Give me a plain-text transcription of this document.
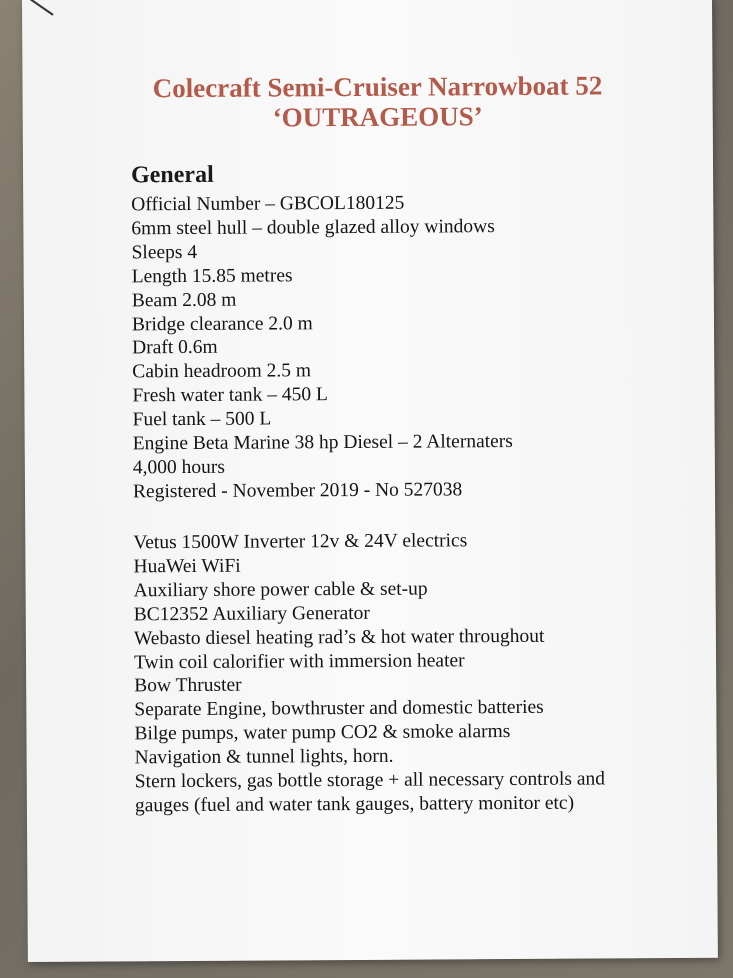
Colecraft Semi-Cruiser Narrowboat 52
‘OUTRAGEOUS’
General
Official Number – GBCOL180125
6mm steel hull – double glazed alloy windows
Sleeps 4
Length 15.85 metres
Beam 2.08 m
Bridge clearance 2.0 m
Draft 0.6m
Cabin headroom 2.5 m
Fresh water tank – 450 L
Fuel tank – 500 L
Engine Beta Marine 38 hp Diesel – 2 Alternaters
4,000 hours
Registered - November 2019 - No 527038
Vetus 1500W Inverter 12v & 24V electrics
HuaWei WiFi
Auxiliary shore power cable & set-up
BC12352 Auxiliary Generator
Webasto diesel heating rad’s & hot water throughout
Twin coil calorifier with immersion heater
Bow Thruster
Separate Engine, bowthruster and domestic batteries
Bilge pumps, water pump CO2 & smoke alarms
Navigation & tunnel lights, horn.
Stern lockers, gas bottle storage + all necessary controls and gauges (fuel and water tank gauges, battery monitor etc)
